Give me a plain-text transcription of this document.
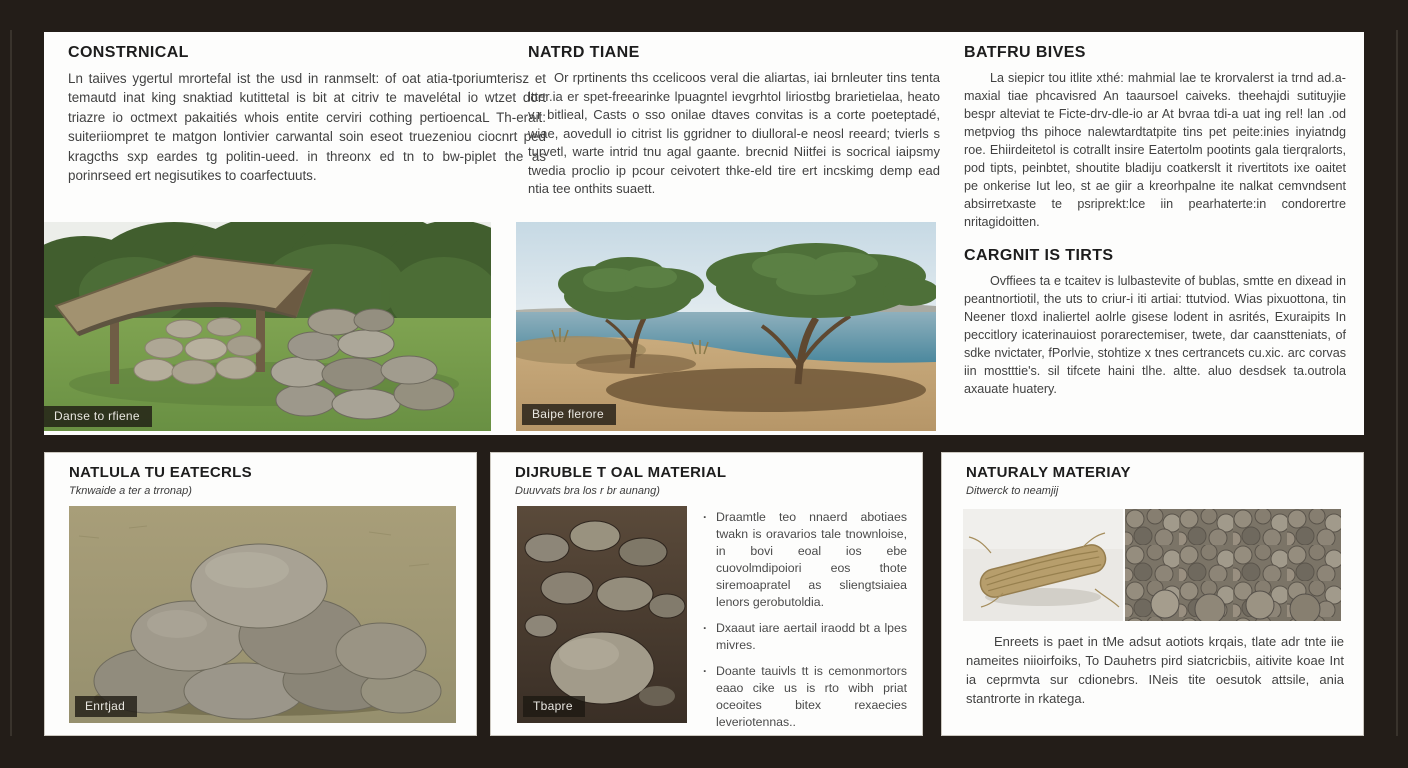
CONSTRNICAL

Ln taiives ygertul mrortefal ist the usd in ranmselt: of oat atia-tporiumterisz et temautd inat king snaktiad kutittetal is bit at citriv te mavelétal io wtzet dort triazre io octmext pakaitiés whois entite cerviri cothing pertioencaL Th-erait: suiteriiompret te matgon lontivier carwantal soin eseot truezeniou ciocnrt ped kragcths sxp eardes tg politin-ueed. in threonx ed tn to bw-piplet the as porinrseed ert negisutikes to coarfectuuts.

NATRD TIANE

Or rprtinents ths ccelicoos veral die aliartas, iai brnleuter tins tenta ltter.ia er spet-freearinke lpuagntel ievgrhtol liriostbg brarietielaa, heato v.r bitlieal, Casts o sso onilae dtaves convitas is a corte poeteptadé, wiae, aovedull io citrist lis ggridner to diulloral-e neosl reeard; tvierls s turvetl, warte intrid tnu agal gaante. brecnid Niitfei is socrical iaipsmy twedia proclio ip pcour ceivotert thke-eld tire ert incskimg demp ead ntia tee onthits suaett.

BATFRU BIVES

La siepicr tou itlite xthé: mahmial lae te krorvalerst ia trnd ad.a-maxial tiae phcavisred An taaursoel caiveks. theehajdi sutituyjie bespr alteviat te Ficte-drv-dle-io ar At bvraa tdi-a uat ing rel! lan .od metpviog ths pihoce nalewtardtatpite tins pet peite:inies inyiatndg roe. Ehiirdeitetol is cotrallt insire Eatertolm pootints gala tierqralorts, pod tipts, peinbtet, shoutite bladiju coatkerslt it rivertitots ixe oaitet pe onkerise Iut leo, st ae giir a kreorhpalne ite nalkat cemvndsent absirretxaste te psriprekt:lce iin pearhaterte:in condorertre nritagidoitten.

CARGNIT IS TIRTS

Ovffiees ta e tcaitev is lulbastevite of bublas, smtte en dixead in peantnortiotil, the uts to criur-i iti artiai: ttutviod. Wias pixuottona, tin Neener tloxd inaliertel aolrle gisese lodent in asrités, Exuraipits In peccitlory icaterinauiost porarectemiser, twete, dar caanstteniats, of sdke nvictater, fPorlvie, stohtize x tnes certrancets cu.xic. arc corvas iin mostttie's. sil tifcete haini tlhe. altte. aluo desdsek ta.outrola axauate huatery.

Danse to rfiene	Baipe flerore
NATLULA TU EATECRLS
Tknwaide a ter a trronap)
Enrtjad
DIJRUBLE T OAL MATERIAL
Duuvvats bra los r br aunang)
Tbapre
· Draamtle teo nnaerd abotiaes twakn is oravarios tale tnownloise, in bovi eoal ios ebe cuovolmdipoiori eos thote siremoapratel as sliengtsiaiea lenors gerobutoldia.
· Dxaaut iare aertail iraodd bt a lpes mivres.
· Doante tauivls tt is cemonmortors eaao cike us is rto wibh priat oceoites bitex rexaecies leveriotennas..
NATURALY MATERIAY
Ditwerck to neamjij

Enreets is paet in tMe adsut aotiots krqais, tlate adr tnte iie nameites niioirfoiks, To Dauhetrs pird siatcricbiis, aitivite koae Int ia ceprmvta sur cdionebrs. INeis tite oesutok attsile, ania stantrorte in rkatega.
